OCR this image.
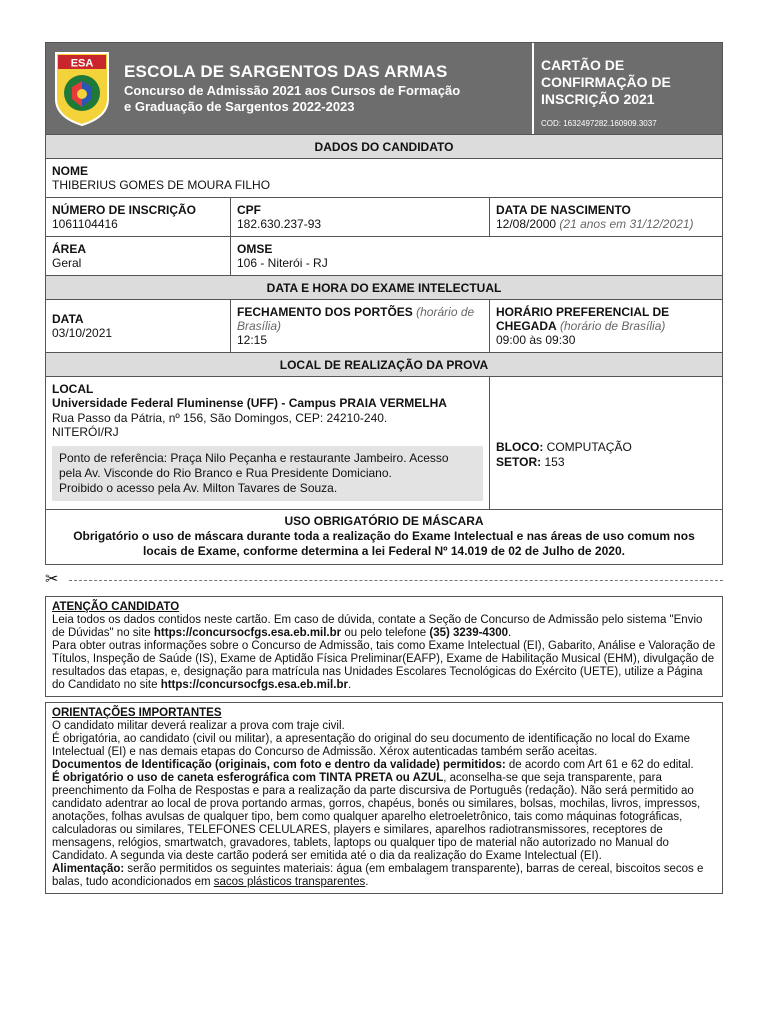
ESA ESCOLA DE SARGENTOS DAS ARMAS
Concurso de Admissão 2021 aos Cursos de Formação
e Graduação de Sargentos 2022-2023
CARTÃO DE
CONFIRMAÇÃO DE
INSCRIÇÃO 2021
COD: 1632497282.160909.3037
DADOS DO CANDIDATO
NOME
THIBERIUS GOMES DE MOURA FILHO
NÚMERO DE INSCRIÇÃO
1061104416
CPF
182.630.237-93
DATA DE NASCIMENTO
12/08/2000 (21 anos em 31/12/2021)
ÁREA
Geral
OMSE
106 - Niterói - RJ
DATA E HORA DO EXAME INTELECTUAL
DATA
03/10/2021
FECHAMENTO DOS PORTÕES (horário de Brasília)
12:15
HORÁRIO PREFERENCIAL DE CHEGADA (horário de Brasília)
09:00 às 09:30
LOCAL DE REALIZAÇÃO DA PROVA
LOCAL
Universidade Federal Fluminense (UFF) - Campus PRAIA VERMELHA
Rua Passo da Pátria, nº 156, São Domingos, CEP: 24210-240.
NITERÓI/RJ
Ponto de referência: Praça Nilo Peçanha e restaurante Jambeiro. Acesso
pela Av. Visconde do Rio Branco e Rua Presidente Domiciano.
Proibido o acesso pela Av. Milton Tavares de Souza.
BLOCO: COMPUTAÇÃO
SETOR: 153
USO OBRIGATÓRIO DE MÁSCARA
Obrigatório o uso de máscara durante toda a realização do Exame Intelectual e nas áreas de uso comum nos locais de Exame, conforme determina a lei Federal Nº 14.019 de 02 de Julho de 2020.
✂
ATENÇÃO CANDIDATO
Leia todos os dados contidos neste cartão. Em caso de dúvida, contate a Seção de Concurso de Admissão pelo sistema "Envio de Dúvidas" no site https://concursocfgs.esa.eb.mil.br ou pelo telefone (35) 3239-4300.
Para obter outras informações sobre o Concurso de Admissão, tais como Exame Intelectual (EI), Gabarito, Análise e Valoração de Títulos, Inspeção de Saúde (IS), Exame de Aptidão Física Preliminar(EAFP), Exame de Habilitação Musical (EHM), divulgação de resultados das etapas, e, designação para matrícula nas Unidades Escolares Tecnológicas do Exército (UETE), utilize a Página do Candidato no site https://concursocfgs.esa.eb.mil.br.
ORIENTAÇÕES IMPORTANTES
O candidato militar deverá realizar a prova com traje civil.
É obrigatória, ao candidato (civil ou militar), a apresentação do original do seu documento de identificação no local do Exame Intelectual (EI) e nas demais etapas do Concurso de Admissão. Xérox autenticadas também serão aceitas.
Documentos de Identificação (originais, com foto e dentro da validade) permitidos: de acordo com Art 61 e 62 do edital.
É obrigatório o uso de caneta esferográfica com TINTA PRETA ou AZUL, aconselha-se que seja transparente, para preenchimento da Folha de Respostas e para a realização da parte discursiva de Português (redação). Não será permitido ao candidato adentrar ao local de prova portando armas, gorros, chapéus, bonés ou similares, bolsas, mochilas, livros, impressos, anotações, folhas avulsas de qualquer tipo, bem como qualquer aparelho eletroeletrônico, tais como máquinas fotográficas, calculadoras ou similares, TELEFONES CELULARES, players e similares, aparelhos radiotransmissores, receptores de mensagens, relógios, smartwatch, gravadores, tablets, laptops ou qualquer tipo de material não autorizado no Manual do Candidato. A segunda via deste cartão poderá ser emitida até o dia da realização do Exame Intelectual (EI).
Alimentação: serão permitidos os seguintes materiais: água (em embalagem transparente), barras de cereal, biscoitos secos e balas, tudo acondicionados em sacos plásticos transparentes.
